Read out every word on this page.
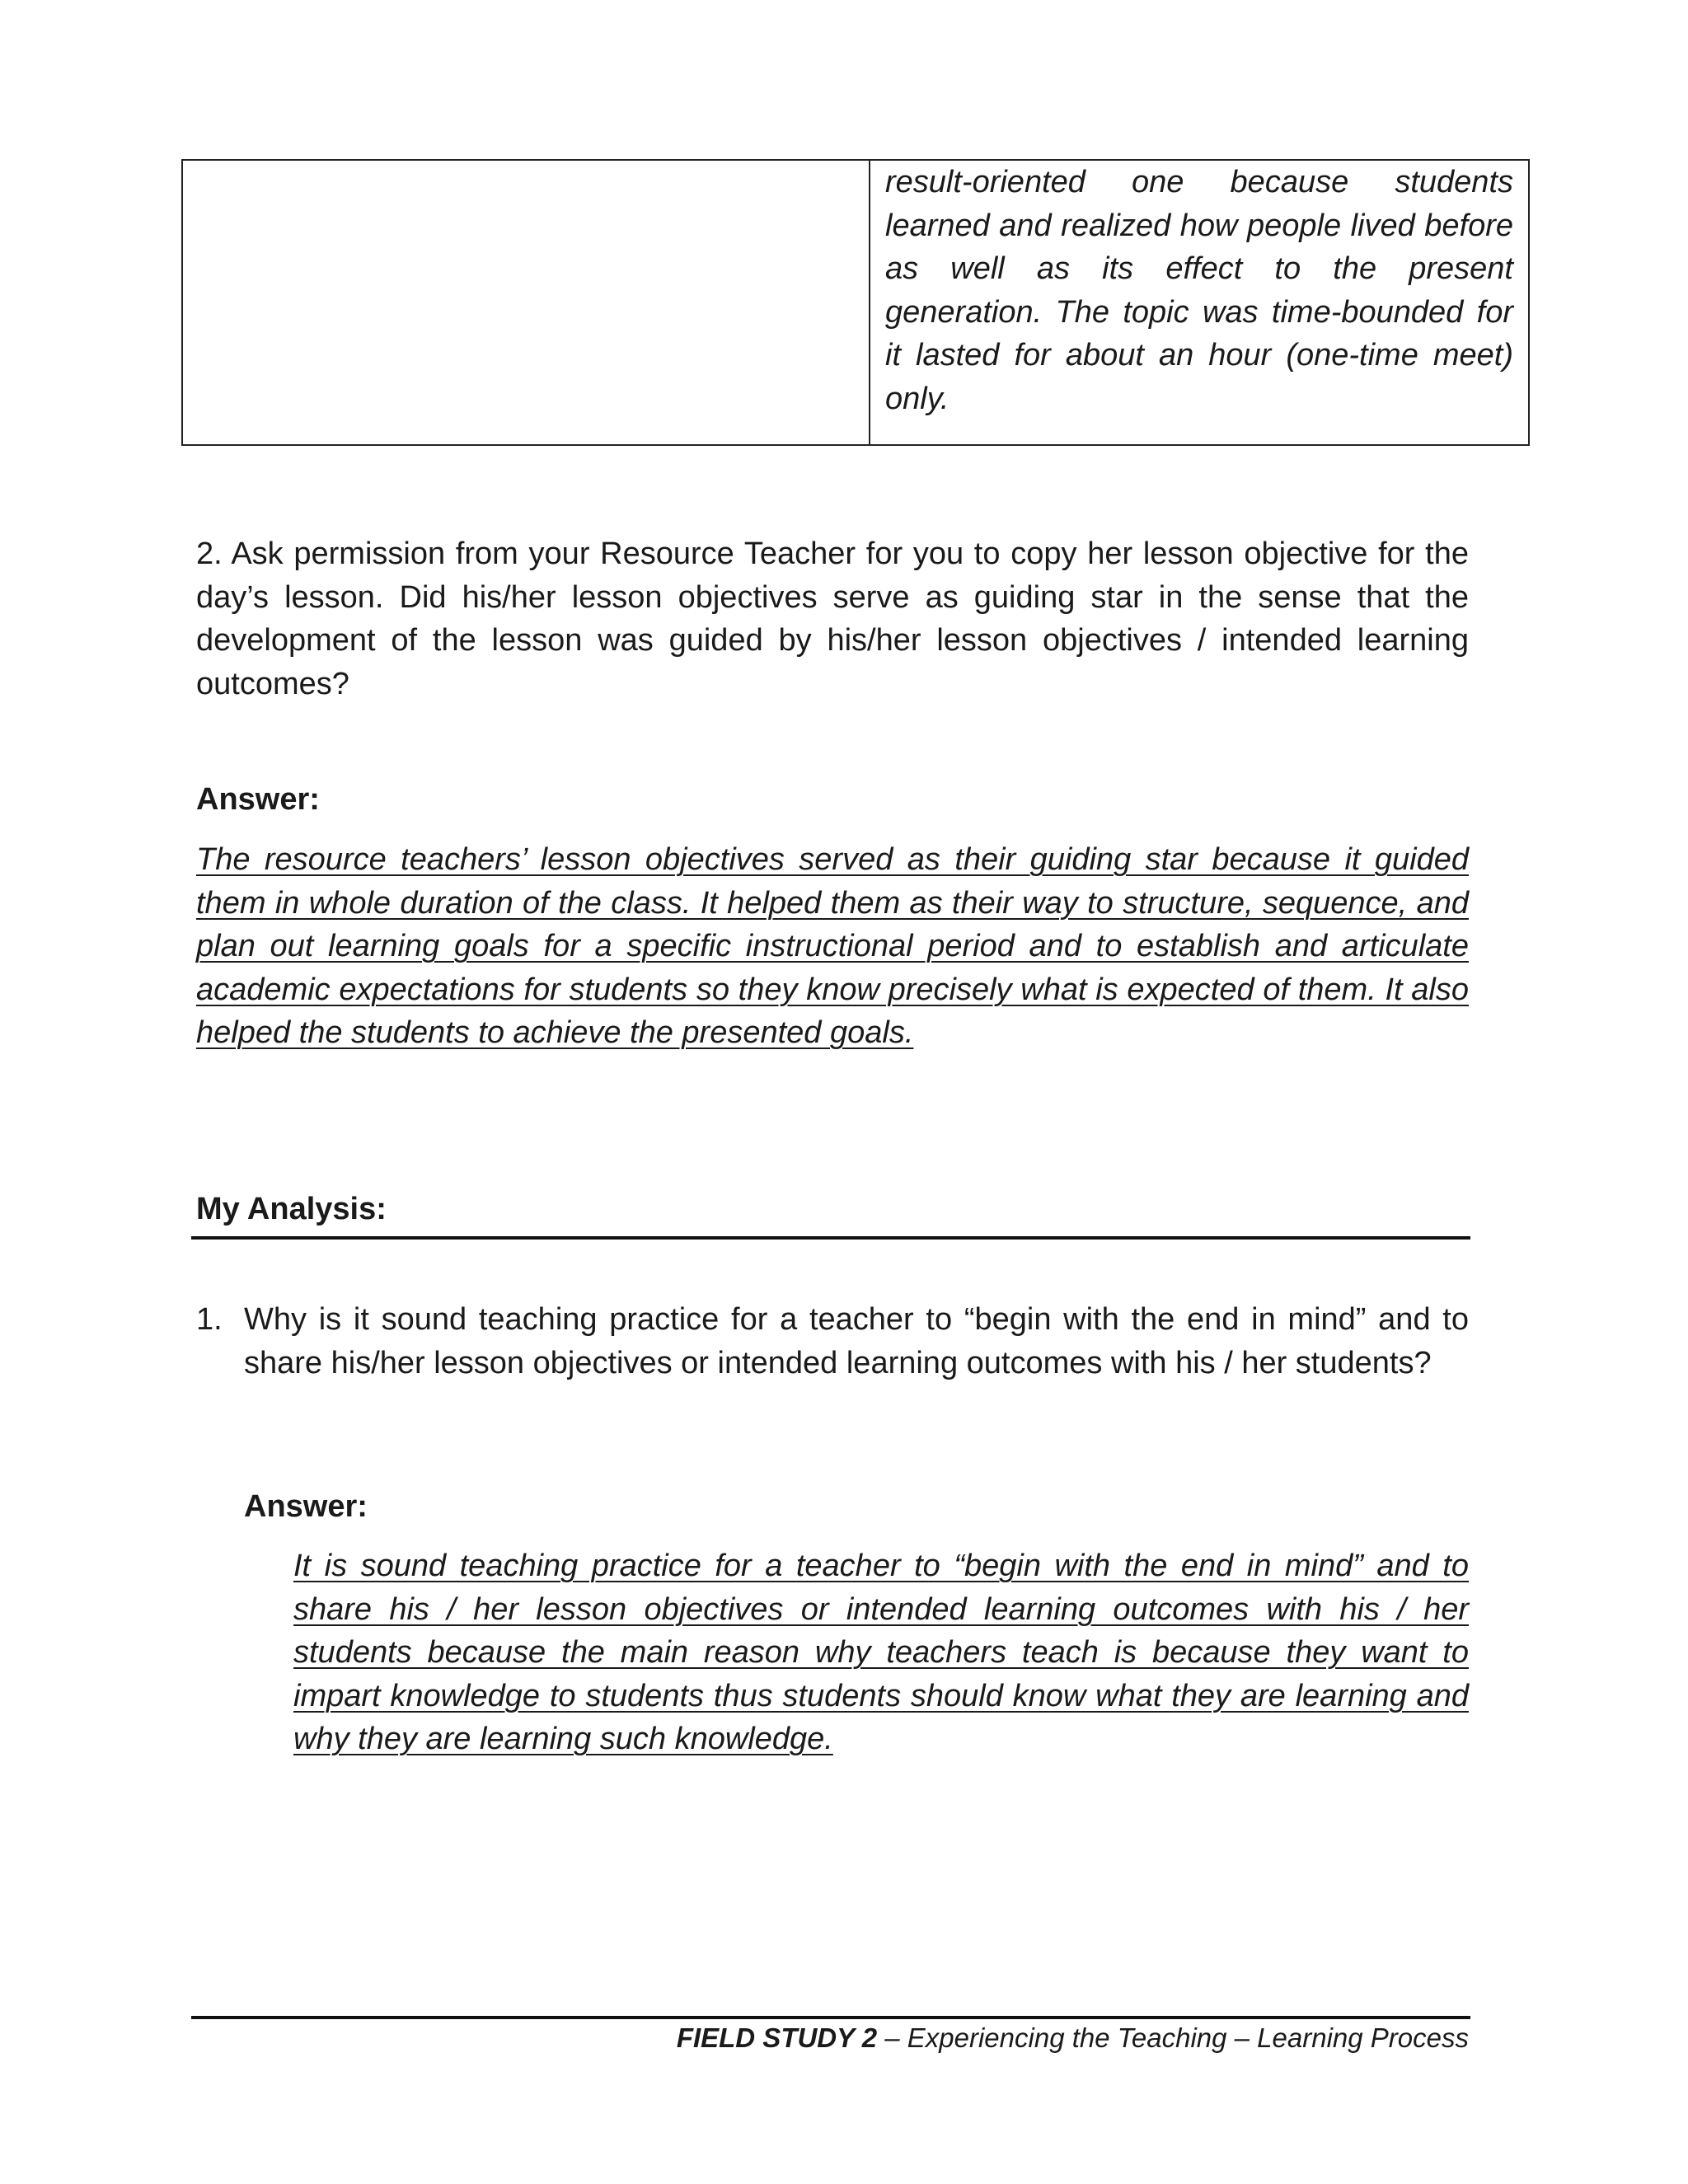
result-oriented one because students learned and realized how people lived before as well as its effect to the present generation. The topic was time-bounded for it lasted for about an hour (one-time meet) only.

2. Ask permission from your Resource Teacher for you to copy her lesson objective for the day’s lesson. Did his/her lesson objectives serve as guiding star in the sense that the development of the lesson was guided by his/her lesson objectives / intended learning outcomes?

Answer:

The resource teachers’ lesson objectives served as their guiding star because it guided them in whole duration of the class. It helped them as their way to structure, sequence, and plan out learning goals for a specific instructional period and to establish and articulate academic expectations for students so they know precisely what is expected of them. It also helped the students to achieve the presented goals.

My Analysis:

1. Why is it sound teaching practice for a teacher to “begin with the end in mind” and to share his/her lesson objectives or intended learning outcomes with his / her students?

Answer:

It is sound teaching practice for a teacher to “begin with the end in mind” and to share his / her lesson objectives or intended learning outcomes with his / her students because the main reason why teachers teach is because they want to impart knowledge to students thus students should know what they are learning and why they are learning such knowledge.

FIELD STUDY 2 – Experiencing the Teaching – Learning Process
